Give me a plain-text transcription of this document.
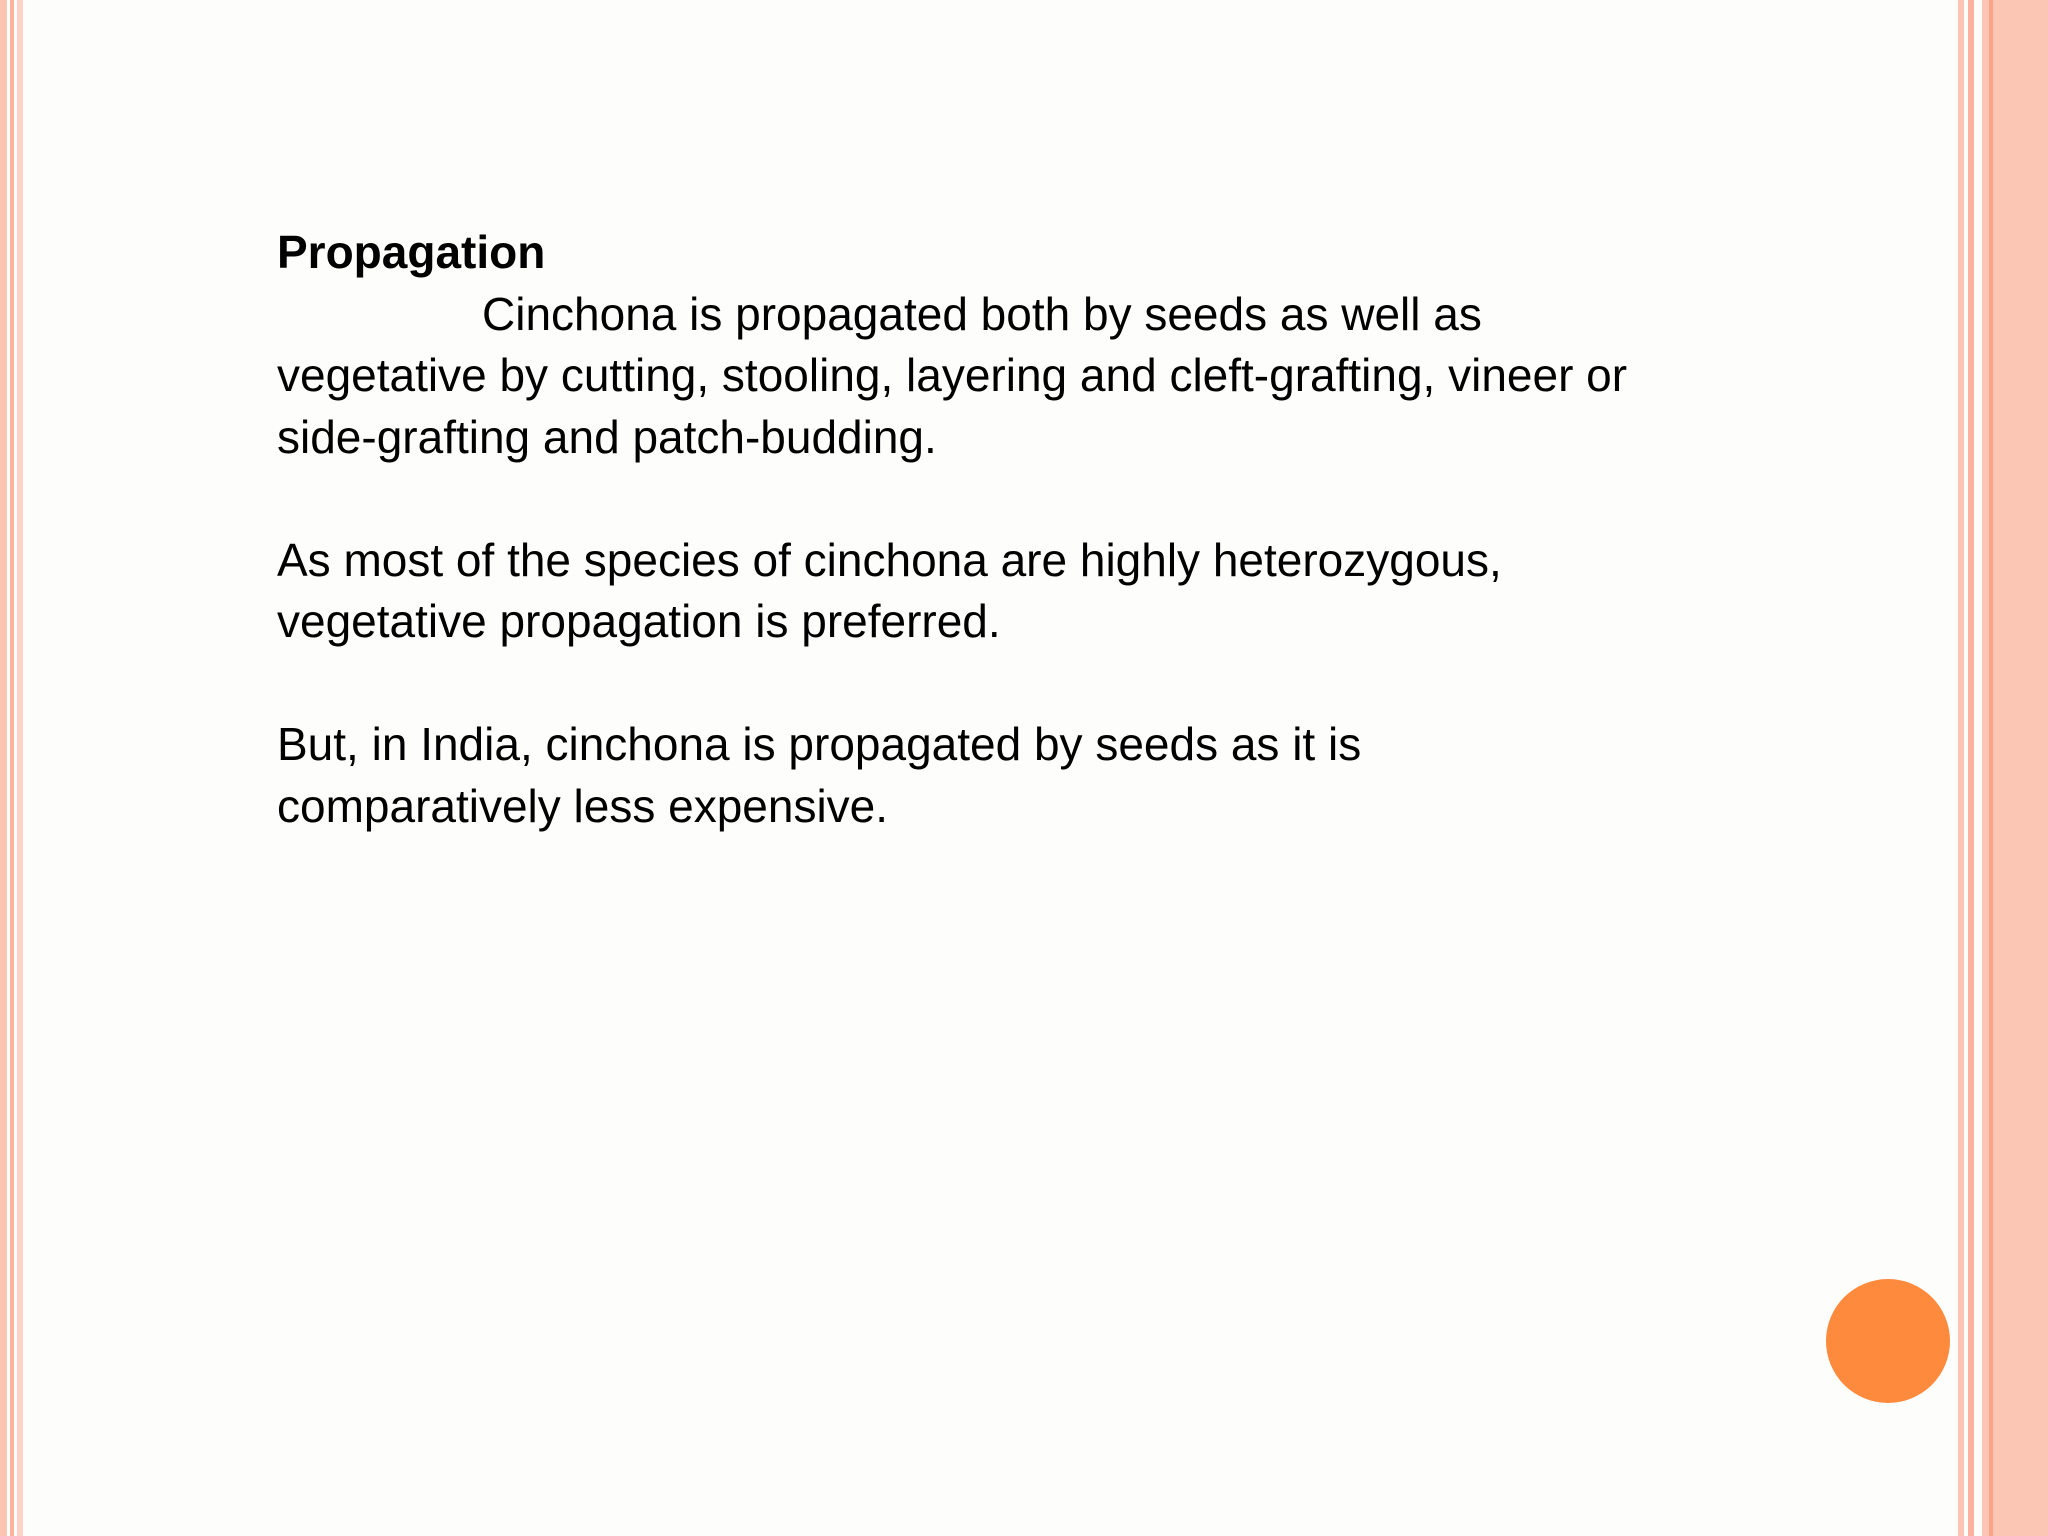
Propagation

Cinchona is propagated both by seeds as well as
vegetative by cutting, stooling, layering and cleft-grafting, vineer or
side-grafting and patch-budding.

As most of the species of cinchona are highly heterozygous,
vegetative propagation is preferred.

But, in India, cinchona is propagated by seeds as it is
comparatively less expensive.
